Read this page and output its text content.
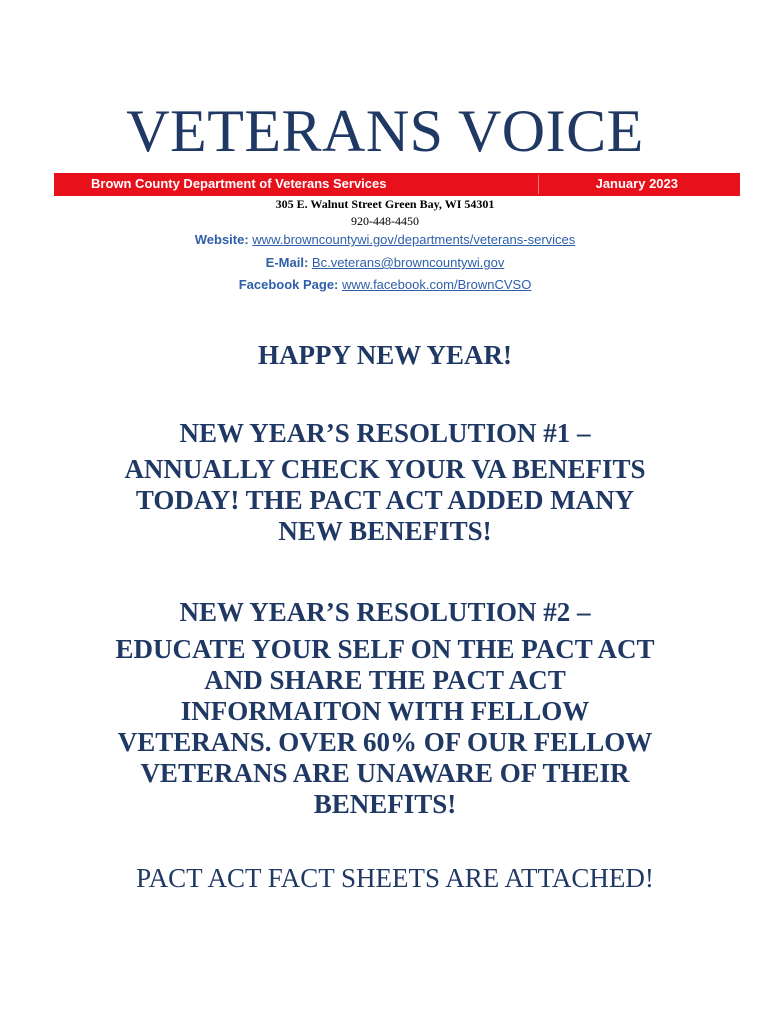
VETERANS VOICE
Brown County Department of Veterans Services	January 2023
305 E. Walnut Street Green Bay, WI 54301
920-448-4450
Website: www.browncountywi.gov/departments/veterans-services
E-Mail: Bc.veterans@browncountywi.gov
Facebook Page: www.facebook.com/BrownCVSO
HAPPY NEW YEAR!
NEW YEAR’S RESOLUTION #1 –
ANNUALLY CHECK YOUR VA BENEFITS
TODAY! THE PACT ACT ADDED MANY
NEW BENEFITS!
NEW YEAR’S RESOLUTION #2 –
EDUCATE YOUR SELF ON THE PACT ACT
AND SHARE THE PACT ACT
INFORMAITON WITH FELLOW
VETERANS. OVER 60% OF OUR FELLOW
VETERANS ARE UNAWARE OF THEIR
BENEFITS!
PACT ACT FACT SHEETS ARE ATTACHED!
